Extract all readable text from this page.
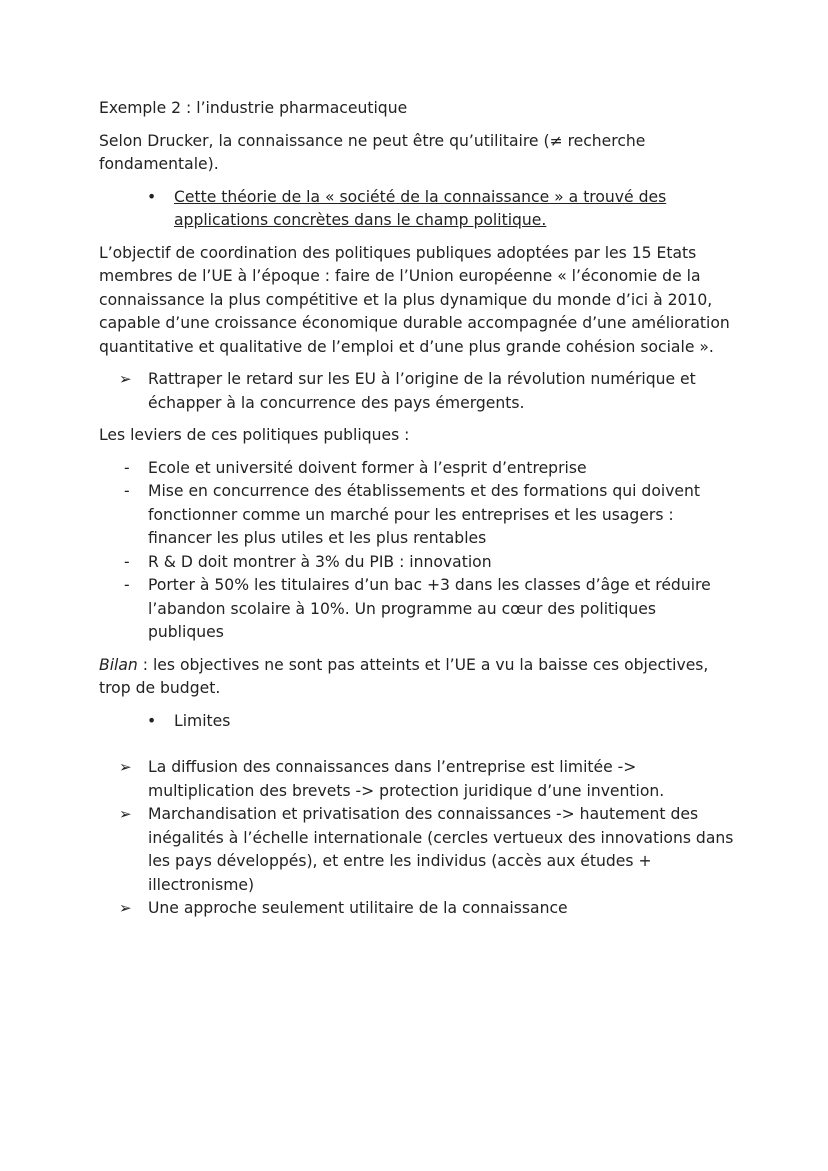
Exemple 2 : l’industrie pharmaceutique

Selon Drucker, la connaissance ne peut être qu’utilitaire (≠ recherche fondamentale).

• Cette théorie de la « société de la connaissance » a trouvé des applications concrètes dans le champ politique.

L’objectif de coordination des politiques publiques adoptées par les 15 Etats membres de l’UE à l’époque : faire de l’Union européenne « l’économie de la connaissance la plus compétitive et la plus dynamique du monde d’ici à 2010, capable d’une croissance économique durable accompagnée d’une amélioration quantitative et qualitative de l’emploi et d’une plus grande cohésion sociale ».

➢ Rattraper le retard sur les EU à l’origine de la révolution numérique et échapper à la concurrence des pays émergents.

Les leviers de ces politiques publiques :

- Ecole et université doivent former à l’esprit d’entreprise
- Mise en concurrence des établissements et des formations qui doivent fonctionner comme un marché pour les entreprises et les usagers : financer les plus utiles et les plus rentables
- R & D doit montrer à 3% du PIB : innovation
- Porter à 50% les titulaires d’un bac +3 dans les classes d’âge et réduire l’abandon scolaire à 10%. Un programme au cœur des politiques publiques

Bilan : les objectives ne sont pas atteints et l’UE a vu la baisse ces objectives, trop de budget.

• Limites
➢ La diffusion des connaissances dans l’entreprise est limitée -> multiplication des brevets -> protection juridique d’une invention.
➢ Marchandisation et privatisation des connaissances -> hautement des inégalités à l’échelle internationale (cercles vertueux des innovations dans les pays développés), et entre les individus (accès aux études + illectronisme)
➢ Une approche seulement utilitaire de la connaissance
